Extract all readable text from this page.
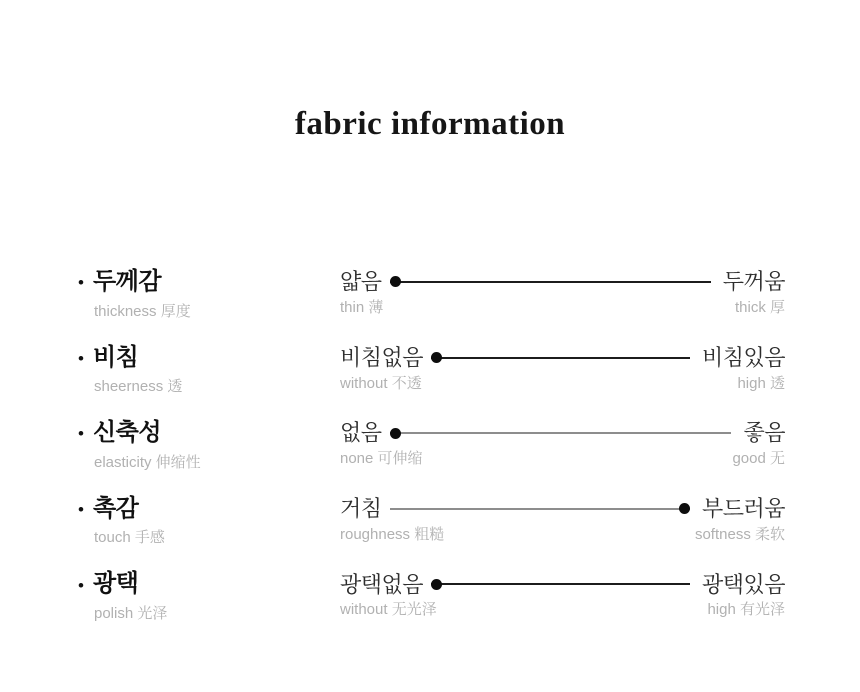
fabric information
• 두께감
thickness 厚度
얇음	두꺼움
thin 薄	thick 厚
• 비침
sheerness 透
비침없음	비침있음
without 不透	high 透
• 신축성
elasticity 伸缩性
없음	좋음
none 可伸缩	good 无
• 촉감
touch 手感
거침	부드러움
roughness 粗糙	softness 柔软
• 광택
polish 光泽
광택없음	광택있음
without 无光泽	high 有光泽
